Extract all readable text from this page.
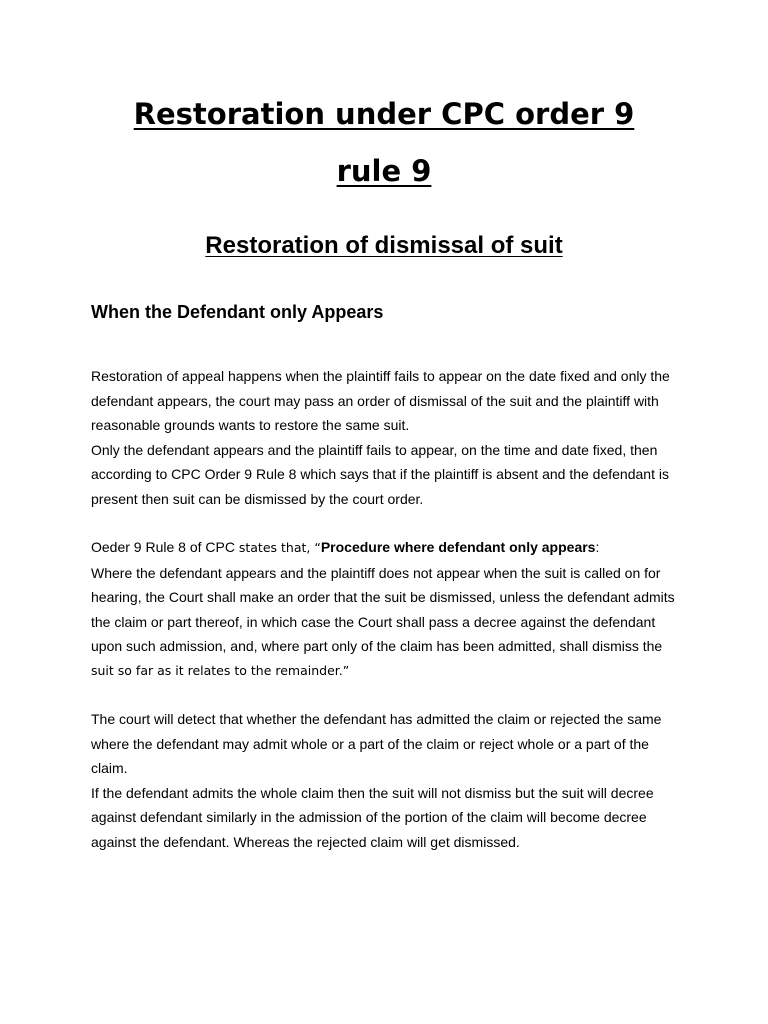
Restoration under CPC order 9
rule 9
Restoration of dismissal of suit
When the Defendant only Appears
Restoration of appeal happens when the plaintiff fails to appear on the date fixed and only the
defendant appears, the court may pass an order of dismissal of the suit and the plaintiff with
reasonable grounds wants to restore the same suit.
Only the defendant appears and the plaintiff fails to appear, on the time and date fixed, then
according to CPC Order 9 Rule 8 which says that if the plaintiff is absent and the defendant is
present then suit can be dismissed by the court order.
Oeder 9 Rule 8 of CPC states that, “Procedure where defendant only appears:
Where the defendant appears and the plaintiff does not appear when the suit is called on for
hearing, the Court shall make an order that the suit be dismissed, unless the defendant admits
the claim or part thereof, in which case the Court shall pass a decree against the defendant
upon such admission, and, where part only of the claim has been admitted, shall dismiss the
suit so far as it relates to the remainder.”
The court will detect that whether the defendant has admitted the claim or rejected the same
where the defendant may admit whole or a part of the claim or reject whole or a part of the
claim.
If the defendant admits the whole claim then the suit will not dismiss but the suit will decree
against defendant similarly in the admission of the portion of the claim will become decree
against the defendant. Whereas the rejected claim will get dismissed.
